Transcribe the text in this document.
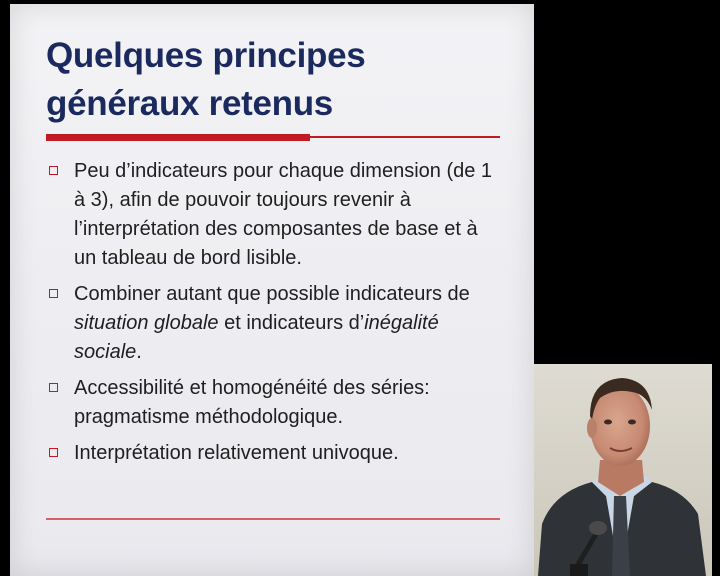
Quelques principes
généraux retenus
Peu d’indicateurs pour chaque dimension (de 1 à 3), afin de pouvoir toujours revenir à l’interprétation des composantes de base et à un tableau de bord lisible.
Combiner autant que possible indicateurs de situation globale et indicateurs d’inégalité sociale.
Accessibilité et homogénéité des séries: pragmatisme méthodologique.
Interprétation relativement univoque.
